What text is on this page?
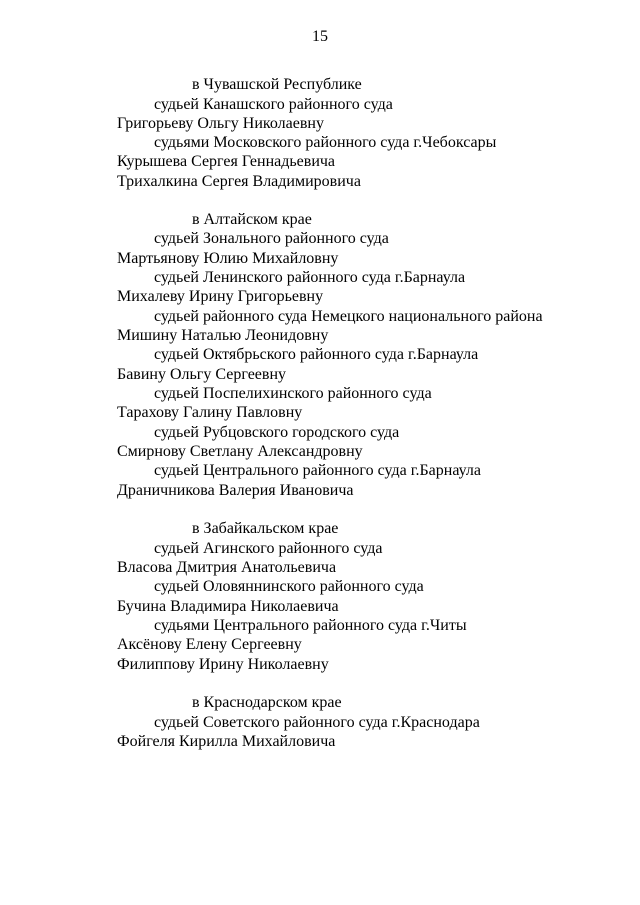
15
в Чувашской Республике
судьей Канашского районного суда
Григорьеву Ольгу Николаевну
судьями Московского районного суда г.Чебоксары
Курышева Сергея Геннадьевича
Трихалкина Сергея Владимировича
в Алтайском крае
судьей Зонального районного суда
Мартьянову Юлию Михайловну
судьей Ленинского районного суда г.Барнаула
Михалеву Ирину Григорьевну
судьей районного суда Немецкого национального района
Мишину Наталью Леонидовну
судьей Октябрьского районного суда г.Барнаула
Бавину Ольгу Сергеевну
судьей Поспелихинского районного суда
Тарахову Галину Павловну
судьей Рубцовского городского суда
Смирнову Светлану Александровну
судьей Центрального районного суда г.Барнаула
Драничникова Валерия Ивановича
в Забайкальском крае
судьей Агинского районного суда
Власова Дмитрия Анатольевича
судьей Оловяннинского районного суда
Бучина Владимира Николаевича
судьями Центрального районного суда г.Читы
Аксёнову Елену Сергеевну
Филиппову Ирину Николаевну
в Краснодарском крае
судьей Советского районного суда г.Краснодара
Фойгеля Кирилла Михайловича
